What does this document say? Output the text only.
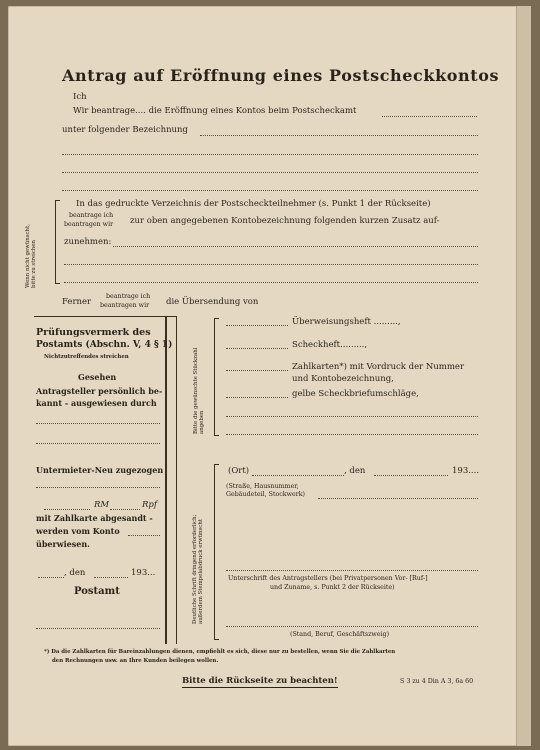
Antrag auf Eröffnung eines Postscheckkontos
Ich
Wir beantrage.... die Eröffnung eines Kontos beim Postscheckamt
unter folgender Bezeichnung
Wenn nicht gewünscht, bitte zu streichen
In das gedruckte Verzeichnis der Postscheckteilnehmer (s. Punkt 1 der Rückseite)
beantrage ich
beantragen wir zur oben angegebenen Kontobezeichnung folgenden kurzen Zusatz auf-
zunehmen:
Ferner
beantrage ich
beantragen wir die Übersendung von
Prüfungsvermerk des
Postamts (Abschn. V, 4 § 1)
Nichtzutreffendes streichen
Gesehen
Antragsteller persönlich be-
kannt - ausgewiesen durch
Untermieter-Neu zugezogen
RM	Rpf
mit Zahlkarte abgesandt -
werden vom Konto
überwiesen.
, den	193...
Postamt
Bitte die gewünschte Stückzahl angeben
Überweisungsheft .........,
Scheckheft.........,
Zahlkarten*) mit Vordruck der Nummer
und Kontobezeichnung,
gelbe Scheckbriefumschläge,
Deutliche Schrift dringend erforderlich; außerdem Stempelabdruck erwünscht
(Ort)	, den	193....
(Straße, Hausnummer,
Gebäudeteil, Stockwerk)
Unterschrift des Antragstellers (bei Privatpersonen Vor- [Ruf-]
und Zuname, s. Punkt 2 der Rückseite)
(Stand, Beruf, Geschäftszweig)
*) Da die Zahlkarten für Bareinzahlungen dienen, empfiehlt es sich, diese nur zu bestellen, wenn Sie die Zahlkarten
den Rechnungen usw. an Ihre Kunden beilegen wollen.
Bitte die Rückseite zu beachten!	S 3 zu 4 Din A 3, 6a 60
